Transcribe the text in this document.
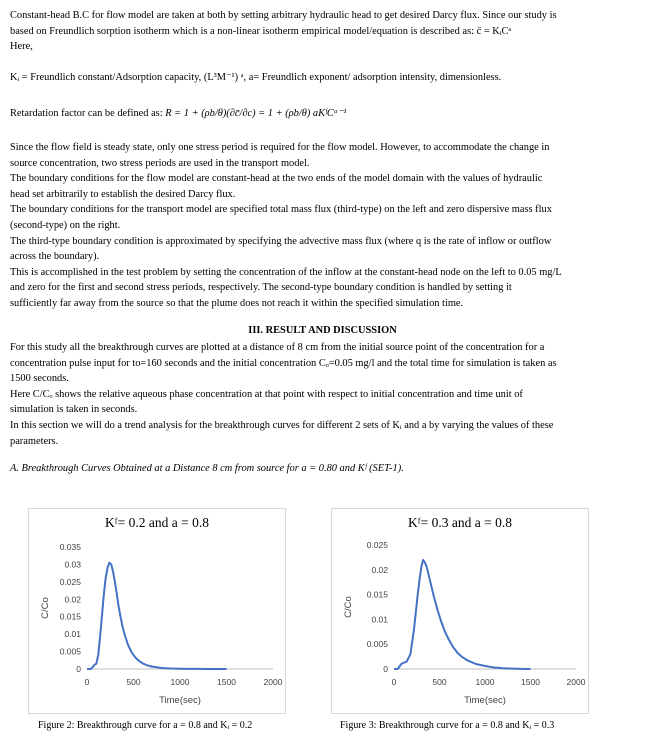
Constant-head B.C for flow model are taken at both by setting arbitrary hydraulic head to get desired Darcy flux. Since our study is
based on Freundlich sorption isotherm which is a non-linear isotherm empirical model/equation is described as: c̄ = KᵢCᵃ
Here,
Kᵢ = Freundlich constant/Adsorption capacity, (L³M⁻¹) ᵃ, a= Freundlich exponent/ adsorption intensity, dimensionless.
Retardation factor can be defined as: R = 1 + (ρb/θ)(∂c̄/∂c) = 1 + (ρb/θ) aKᶠCᵃ⁻¹
Since the flow field is steady state, only one stress period is required for the flow model. However, to accommodate the change in
source concentration, two stress periods are used in the transport model.
The boundary conditions for the flow model are constant-head at the two ends of the model domain with the values of hydraulic
head set arbitrarily to establish the desired Darcy flux.
The boundary conditions for the transport model are specified total mass flux (third-type) on the left and zero dispersive mass flux
(second-type) on the right.
The third-type boundary condition is approximated by specifying the advective mass flux (where q is the rate of inflow or outflow
across the boundary).
This is accomplished in the test problem by setting the concentration of the inflow at the constant-head node on the left to 0.05 mg/L
and zero for the first and second stress periods, respectively. The second-type boundary condition is handled by setting it
sufficiently far away from the source so that the plume does not reach it within the specified simulation time.
III. RESULT AND DISCUSSION
For this study all the breakthrough curves are plotted at a distance of 8 cm from the initial source point of the concentration for a
concentration pulse input for to=160 seconds and the initial concentration Cₒ=0.05 mg/l and the total time for simulation is taken as
1500 seconds.
Here C/Cₒ shows the relative aqueous phase concentration at that point with respect to initial concentration and time unit of
simulation is taken in seconds.
In this section we will do a trend analysis for the breakthrough curves for different 2 sets of Kᵢ and a by varying the values of these
parameters.
A. Breakthrough Curves Obtained at a Distance 8 cm from source for a = 0.80 and Kᶠ (SET-1).
Kᶠ= 0.2 and a = 0.8
0
0.005
0.01
0.015
0.02
0.025
0.03
0.035
0	500	1000	1500	2000
Time(sec)
C/Co
Kᶠ= 0.3 and a = 0.8
0
0.005
0.01
0.015
0.02
0.025
0	500	1000	1500	2000
Time(sec)
C/Co
Figure 2: Breakthrough curve for a = 0.8 and Kᵢ = 0.2	Figure 3: Breakthrough curve for a = 0.8 and Kᵢ = 0.3
